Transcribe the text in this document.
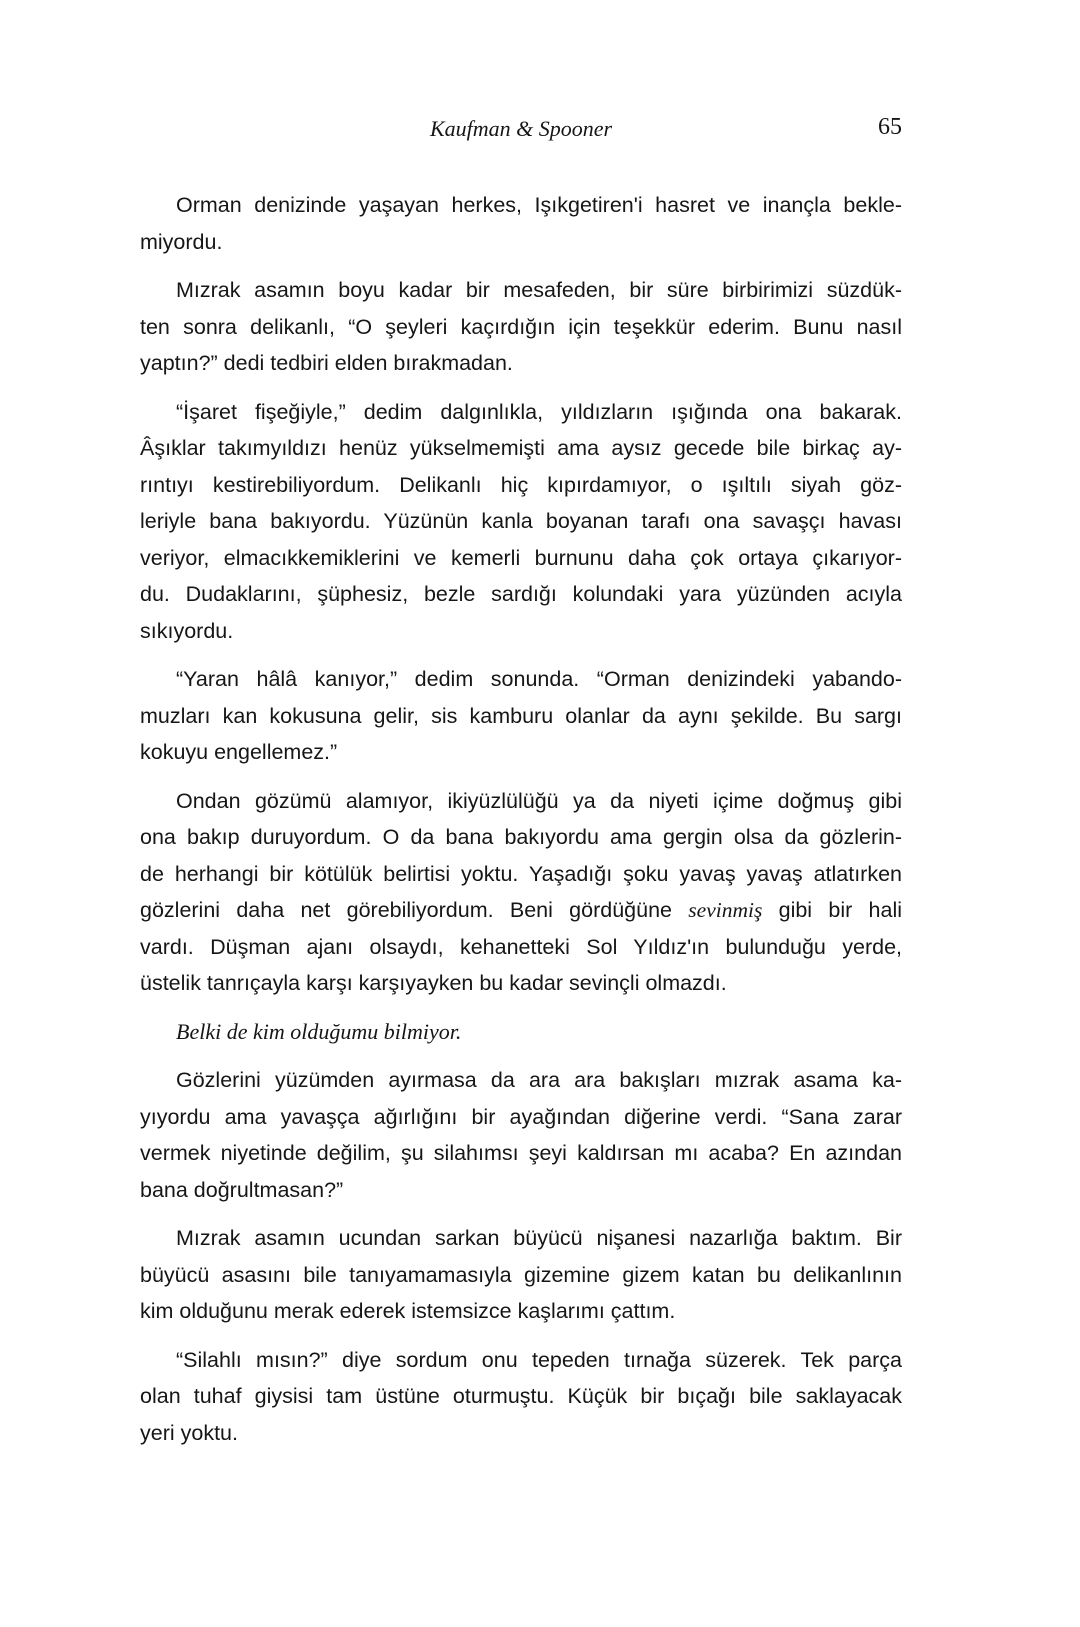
Kaufman & Spooner	65
Orman denizinde yaşayan herkes, Işıkgetiren'i hasret ve inançla bekle-
miyordu.
Mızrak asamın boyu kadar bir mesafeden, bir süre birbirimizi süzdük-
ten sonra delikanlı, “O şeyleri kaçırdığın için teşekkür ederim. Bunu nasıl
yaptın?” dedi tedbiri elden bırakmadan.
“İşaret fişeğiyle,” dedim dalgınlıkla, yıldızların ışığında ona bakarak.
Âşıklar takımyıldızı henüz yükselmemişti ama aysız gecede bile birkaç ay-
rıntıyı kestirebiliyordum. Delikanlı hiç kıpırdamıyor, o ışıltılı siyah göz-
leriyle bana bakıyordu. Yüzünün kanla boyanan tarafı ona savaşçı havası
veriyor, elmacıkkemiklerini ve kemerli burnunu daha çok ortaya çıkarıyor-
du. Dudaklarını, şüphesiz, bezle sardığı kolundaki yara yüzünden acıyla
sıkıyordu.
“Yaran hâlâ kanıyor,” dedim sonunda. “Orman denizindeki yabando-
muzları kan kokusuna gelir, sis kamburu olanlar da aynı şekilde. Bu sargı
kokuyu engellemez.”
Ondan gözümü alamıyor, ikiyüzlülüğü ya da niyeti içime doğmuş gibi
ona bakıp duruyordum. O da bana bakıyordu ama gergin olsa da gözlerin-
de herhangi bir kötülük belirtisi yoktu. Yaşadığı şoku yavaş yavaş atlatırken
gözlerini daha net görebiliyordum. Beni gördüğüne sevinmiş gibi bir hali
vardı. Düşman ajanı olsaydı, kehanetteki Sol Yıldız'ın bulunduğu yerde,
üstelik tanrıçayla karşı karşıyayken bu kadar sevinçli olmazdı.
Belki de kim olduğumu bilmiyor.
Gözlerini yüzümden ayırmasa da ara ara bakışları mızrak asama ka-
yıyordu ama yavaşça ağırlığını bir ayağından diğerine verdi. “Sana zarar
vermek niyetinde değilim, şu silahımsı şeyi kaldırsan mı acaba? En azından
bana doğrultmasan?”
Mızrak asamın ucundan sarkan büyücü nişanesi nazarlığa baktım. Bir
büyücü asasını bile tanıyamamasıyla gizemine gizem katan bu delikanlının
kim olduğunu merak ederek istemsizce kaşlarımı çattım.
“Silahlı mısın?” diye sordum onu tepeden tırnağa süzerek. Tek parça
olan tuhaf giysisi tam üstüne oturmuştu. Küçük bir bıçağı bile saklayacak
yeri yoktu.
